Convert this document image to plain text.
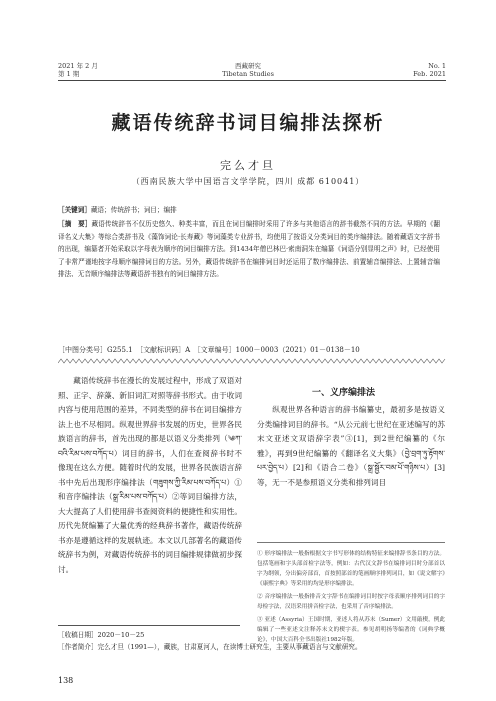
2021 年 2 月
第 1 期
西藏研究
Tibetan Studies
No. 1
Feb. 2021
藏语传统辞书词目编排法探析
完么才旦
（西南民族大学中国语言文学学院，四川 成都 610041）
［关键词］藏语；传统辞书；词目；编排
［摘　要］藏语传统辞书不仅历史悠久、种类丰富，而且在词目编排时采用了许多与其他语言的辞书截然不同的方法。早期的《翻译名义大集》等综合类辞书及《藻饰词论·长寿藏》等词藻类专业辞书，均使用了按语义分类词目的类序编排法。随着藏语文字辞书的出现，编纂者开始采取以字母表为顺序的词目编排方法。到1434年僧巴林巴·索南洞朱在编纂《词语分别显明之声》时，已经使用了非常严谨地按字母顺序编排词目的方法。另外，藏语传统辞书在编排词目时还运用了数序编排法、前置辅音编排法、上置辅音编排法、无音顺序编排法等藏语辞书独有的词目编排方法。
［中图分类号］G255.1　［文献标识码］A　［文章编号］1000－0003（2021）01－0138－10

藏语传统辞书在漫长的发展过程中，形成了双语对照、正字、辞藻、新旧词汇对照等辞书形式。由于收词内容与使用范围的差异，不同类型的辞书在词目编排方法上也不尽相同。纵观世界辞书发展的历史，世界各民族语言的辞书，首先出现的都是以语义分类排列（༄ཀ་བའི་རིམ་པས་བཀོད་པ）词目的辞书，人们在查阅辞书时不像现在这么方便。随着时代的发展，世界各民族语言辞书中先后出现形序编排法（གཟུགས་ཀྱི་རིམ་པས་བཀོད་པ）①和音序编排法（སྒྲ་རིམ་པས་བཀོད་པ）②等词目编排方法，大大提高了人们使用辞书查阅资料的便捷性和实用性。历代先贤编纂了大量优秀的经典辞书著作，藏语传统辞书亦是遵循这样的发展轨迹。本文以几部著名的藏语传统辞书为例，对藏语传统辞书的词目编排规律做初步探讨。

一、义序编排法

纵观世界各种语言的辞书编纂史，最初多是按语义分类编排词目的辞书。“从公元前七世纪在亚述编写的苏末文亚述文双语辞字表”③[1]，到2世纪编纂的《尔雅》，再到9世纪编纂的《翻译名义大集》（བྱེ་བྲག་ཏུ་རྟོགས་པར་བྱེད་པ）[2]和《语合二卷》（སྒྲ་སྦྱོར་བམ་པོ་གཉིས་པ）[3]等，无一不是参照语义分类和排列词目

① 形序编排法一般指根据文字书写形体的结构特征来编排辞书条目的方法。包括笔画和字头部首检字法等，例如：古代汉文辞书在编排词目时分部首以字为纲领，分出偏旁部首，首按照部首的笔画顺序排列词目，如《说文解字》《康熙字典》等采用的均是形序编排法。

② 音序编排法一般指排音文字辞书在编排词目时按字母表顺序排列词目的字母检字法，汉语采用拼音检字法，也采用了音序编排法。

③ 亚述（Assyria）王国时期，亚述人将从苏末（Sumer）文用敲楔，例此编辑了一些亚述文注释苏末文的楔字表。参见胡明扬等编著的《词典学概论》，中国大百科全书出版社1982年版。

［收稿日期］2020－10－25
［作者简介］完么才旦（1991—），藏族，甘肃夏河人，在读博士研究生，主要从事藏语言与文献研究。
138
